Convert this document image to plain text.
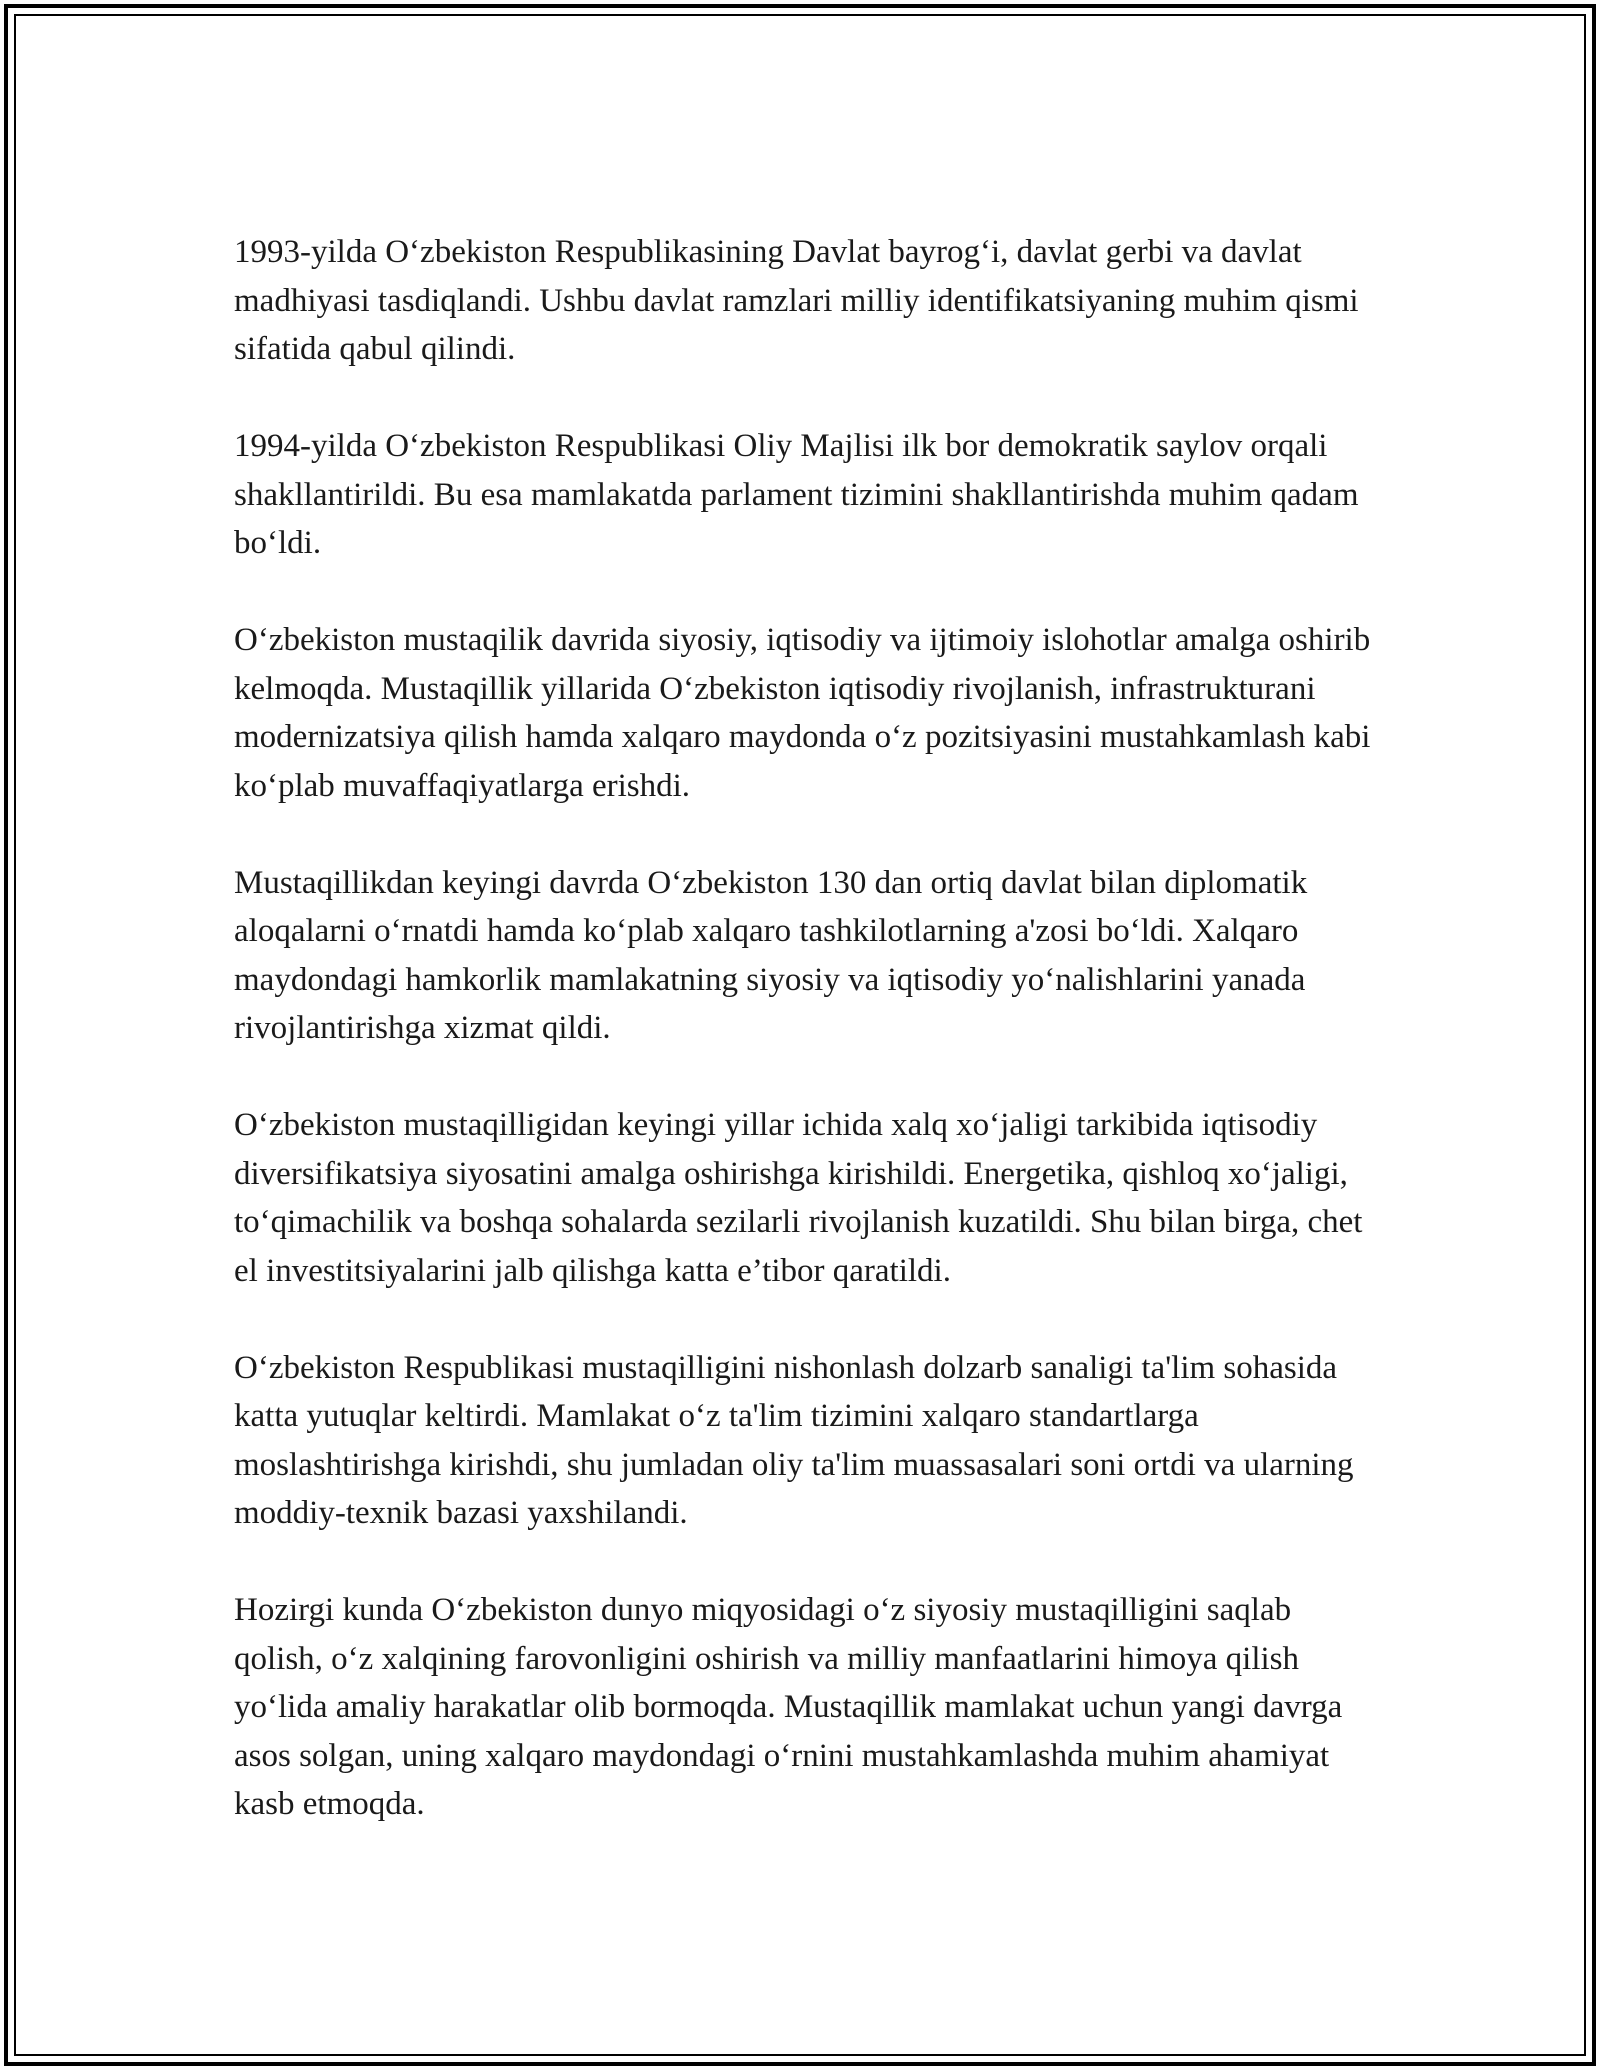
1993-yilda O‘zbekiston Respublikasining Davlat bayrog‘i, davlat gerbi va davlat madhiyasi tasdiqlandi. Ushbu davlat ramzlari milliy identifikatsiyaning muhim qismi sifatida qabul qilindi.

1994-yilda O‘zbekiston Respublikasi Oliy Majlisi ilk bor demokratik saylov orqali shakllantirildi. Bu esa mamlakatda parlament tizimini shakllantirishda muhim qadam bo‘ldi.

O‘zbekiston mustaqilik davrida siyosiy, iqtisodiy va ijtimoiy islohotlar amalga oshirib kelmoqda. Mustaqillik yillarida O‘zbekiston iqtisodiy rivojlanish, infrastrukturani modernizatsiya qilish hamda xalqaro maydonda o‘z pozitsiyasini mustahkamlash kabi ko‘plab muvaffaqiyatlarga erishdi.

Mustaqillikdan keyingi davrda O‘zbekiston 130 dan ortiq davlat bilan diplomatik aloqalarni o‘rnatdi hamda ko‘plab xalqaro tashkilotlarning a'zosi bo‘ldi. Xalqaro maydondagi hamkorlik mamlakatning siyosiy va iqtisodiy yo‘nalishlarini yanada rivojlantirishga xizmat qildi.

O‘zbekiston mustaqilligidan keyingi yillar ichida xalq xo‘jaligi tarkibida iqtisodiy diversifikatsiya siyosatini amalga oshirishga kirishildi. Energetika, qishloq xo‘jaligi, to‘qimachilik va boshqa sohalarda sezilarli rivojlanish kuzatildi. Shu bilan birga, chet el investitsiyalarini jalb qilishga katta e’tibor qaratildi.

O‘zbekiston Respublikasi mustaqilligini nishonlash dolzarb sanaligi ta'lim sohasida katta yutuqlar keltirdi. Mamlakat o‘z ta'lim tizimini xalqaro standartlarga moslashtirishga kirishdi, shu jumladan oliy ta'lim muassasalari soni ortdi va ularning moddiy-texnik bazasi yaxshilandi.

Hozirgi kunda O‘zbekiston dunyo miqyosidagi o‘z siyosiy mustaqilligini saqlab qolish, o‘z xalqining farovonligini oshirish va milliy manfaatlarini himoya qilish yo‘lida amaliy harakatlar olib bormoqda. Mustaqillik mamlakat uchun yangi davrga asos solgan, uning xalqaro maydondagi o‘rnini mustahkamlashda muhim ahamiyat kasb etmoqda.
